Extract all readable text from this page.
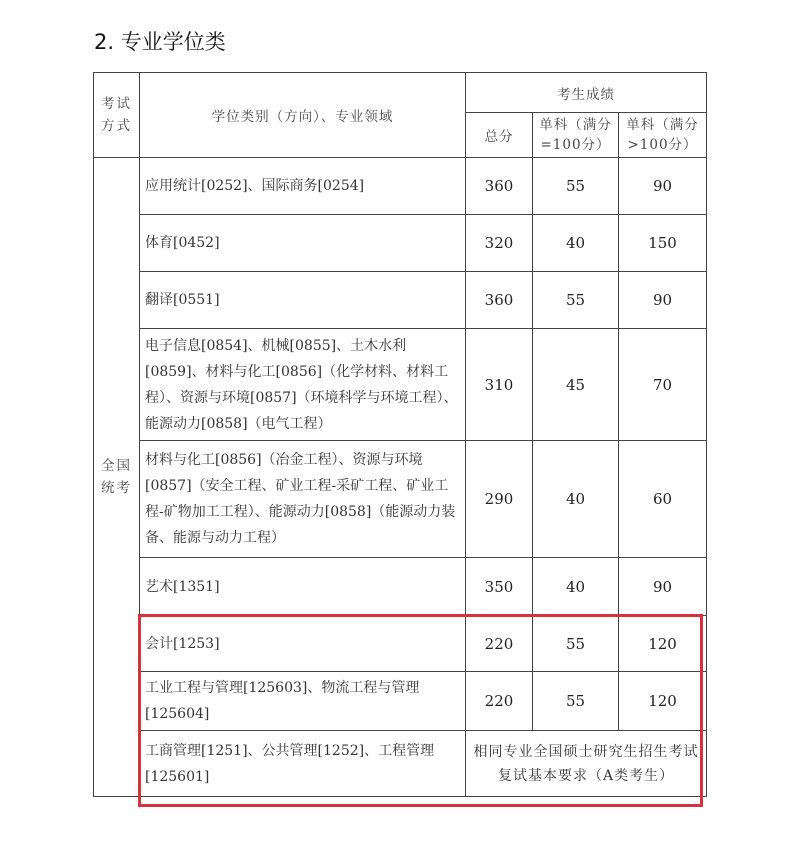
2. 专业学位类
考试方式	学位类别（方向）、专业领域	考生成绩		
		总分	单科（满分=100分）	单科（满分>100分）
全国统考	应用统计[0252]、国际商务[0254]	360	55	90
	体育[0452]	320	40	150
	翻译[0551]	360	55	90
	电子信息[0854]、机械[0855]、土木水利[0859]、材料与化工[0856]（化学材料、材料工程）、资源与环境[0857]（环境科学与环境工程）、能源动力[0858]（电气工程）	310	45	70
	材料与化工[0856]（冶金工程）、资源与环境[0857]（安全工程、矿业工程-采矿工程、矿业工程-矿物加工工程）、能源动力[0858]（能源动力装备、能源与动力工程）	290	40	60
	艺术[1351]	350	40	90
	会计[1253]	220	55	120
	工业工程与管理[125603]、物流工程与管理[125604]	220	55	120
	工商管理[1251]、公共管理[1252]、工程管理[125601]	相同专业全国硕士研究生招生考试复试基本要求（A类考生）		
